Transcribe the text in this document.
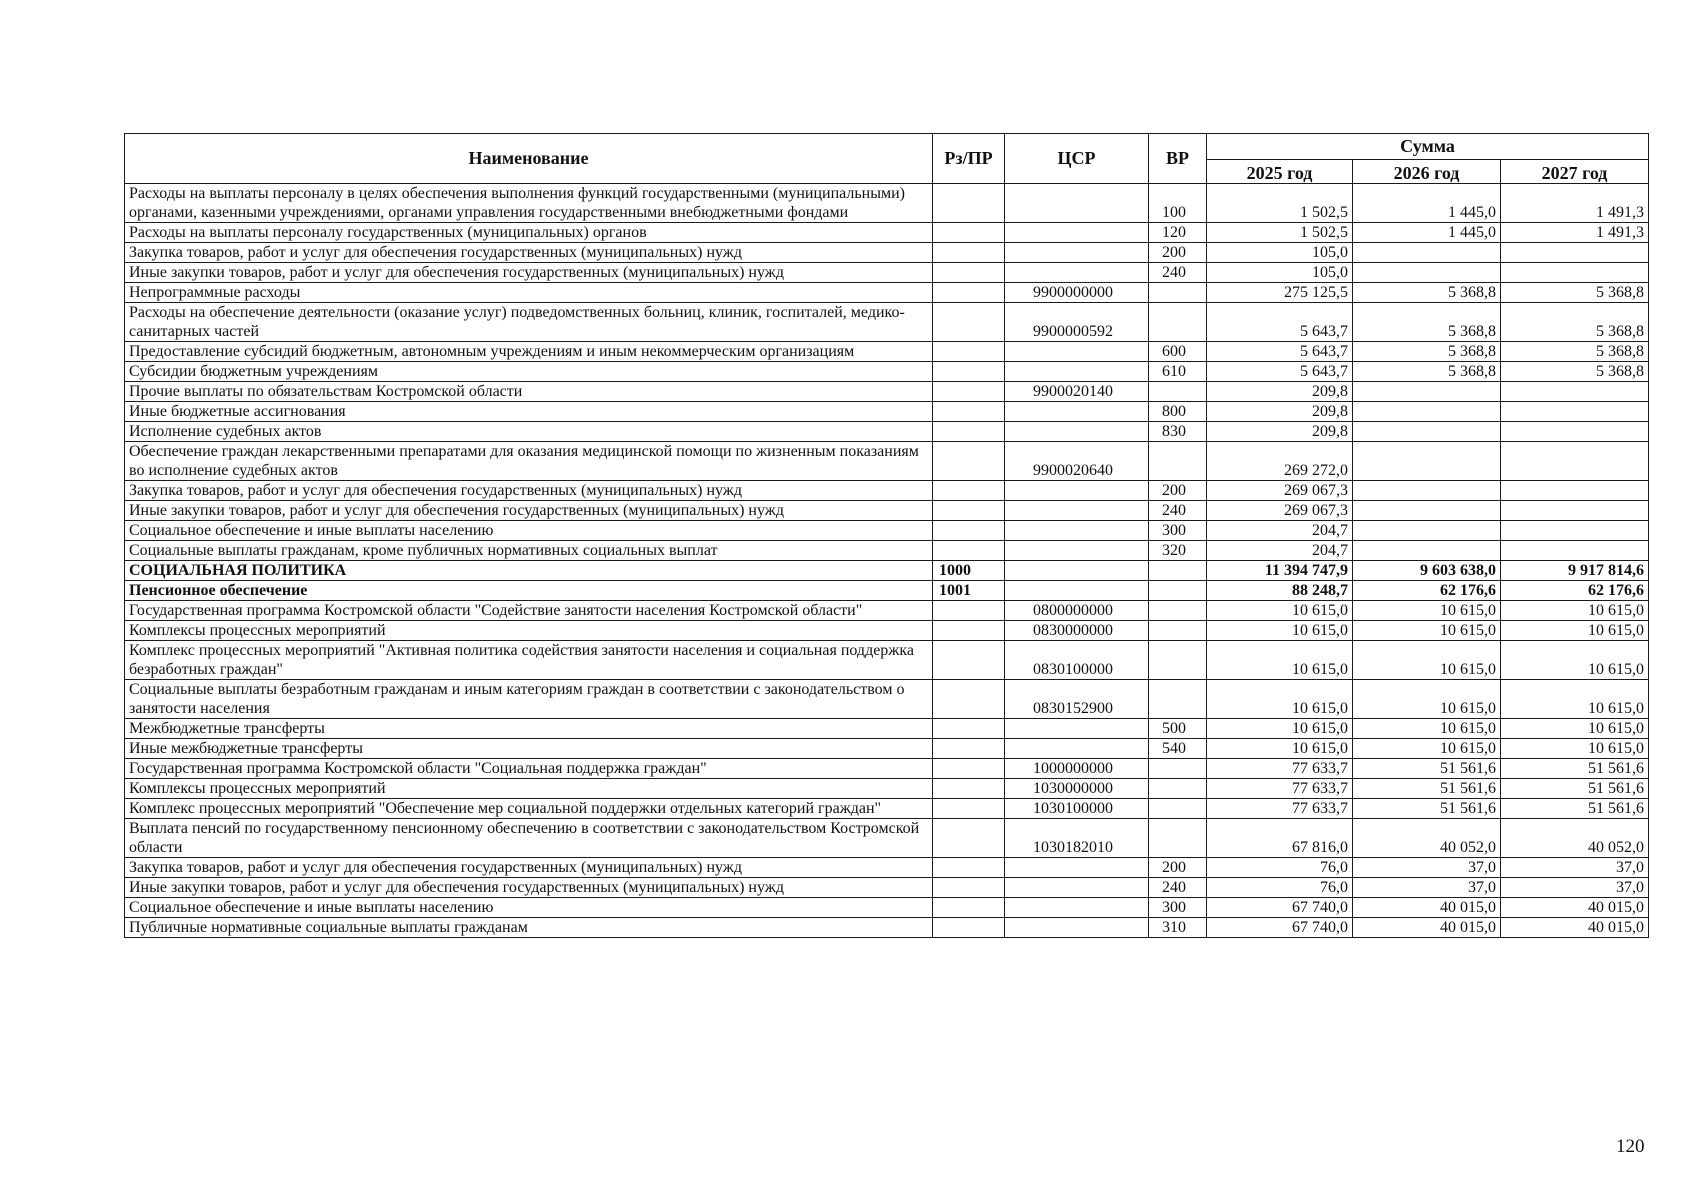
Наименование	Рз/ПР	ЦСР	ВР	Сумма		
				2025 год	2026 год	2027 год
Расходы на выплаты персоналу в целях обеспечения выполнения функций государственными (муниципальными) органами, казенными учреждениями, органами управления государственными внебюджетными фондами			100	1 502,5	1 445,0	1 491,3
Расходы на выплаты персоналу государственных (муниципальных) органов			120	1 502,5	1 445,0	1 491,3
Закупка товаров, работ и услуг для обеспечения государственных (муниципальных) нужд			200	105,0		
Иные закупки товаров, работ и услуг для обеспечения государственных (муниципальных) нужд			240	105,0		
Непрограммные расходы		9900000000		275 125,5	5 368,8	5 368,8
Расходы на обеспечение деятельности (оказание услуг) подведомственных больниц, клиник, госпиталей, медико-санитарных частей		9900000592		5 643,7	5 368,8	5 368,8
Предоставление субсидий бюджетным, автономным учреждениям и иным некоммерческим организациям			600	5 643,7	5 368,8	5 368,8
Субсидии бюджетным учреждениям			610	5 643,7	5 368,8	5 368,8
Прочие выплаты по обязательствам Костромской области		9900020140		209,8		
Иные бюджетные ассигнования			800	209,8		
Исполнение судебных актов			830	209,8		
Обеспечение граждан лекарственными препаратами для оказания медицинской помощи по жизненным показаниям во исполнение судебных актов		9900020640		269 272,0		
Закупка товаров, работ и услуг для обеспечения государственных (муниципальных) нужд			200	269 067,3		
Иные закупки товаров, работ и услуг для обеспечения государственных (муниципальных) нужд			240	269 067,3		
Социальное обеспечение и иные выплаты населению			300	204,7		
Социальные выплаты гражданам, кроме публичных нормативных социальных выплат			320	204,7		
СОЦИАЛЬНАЯ ПОЛИТИКА	1000			11 394 747,9	9 603 638,0	9 917 814,6
Пенсионное обеспечение	1001			88 248,7	62 176,6	62 176,6
Государственная программа Костромской области "Содействие занятости населения Костромской области"		0800000000		10 615,0	10 615,0	10 615,0
Комплексы процессных мероприятий		0830000000		10 615,0	10 615,0	10 615,0
Комплекс процессных мероприятий "Активная политика содействия занятости населения и социальная поддержка безработных граждан"		0830100000		10 615,0	10 615,0	10 615,0
Социальные выплаты безработным гражданам и иным категориям граждан в соответствии с законодательством о занятости населения		0830152900		10 615,0	10 615,0	10 615,0
Межбюджетные трансферты			500	10 615,0	10 615,0	10 615,0
Иные межбюджетные трансферты			540	10 615,0	10 615,0	10 615,0
Государственная программа Костромской области "Социальная поддержка граждан"		1000000000		77 633,7	51 561,6	51 561,6
Комплексы процессных мероприятий		1030000000		77 633,7	51 561,6	51 561,6
Комплекс процессных мероприятий "Обеспечение мер социальной поддержки отдельных категорий граждан"		1030100000		77 633,7	51 561,6	51 561,6
Выплата пенсий по государственному пенсионному обеспечению в соответствии с законодательством Костромской области		1030182010		67 816,0	40 052,0	40 052,0
Закупка товаров, работ и услуг для обеспечения государственных (муниципальных) нужд			200	76,0	37,0	37,0
Иные закупки товаров, работ и услуг для обеспечения государственных (муниципальных) нужд			240	76,0	37,0	37,0
Социальное обеспечение и иные выплаты населению			300	67 740,0	40 015,0	40 015,0
Публичные нормативные социальные выплаты гражданам			310	67 740,0	40 015,0	40 015,0
120
